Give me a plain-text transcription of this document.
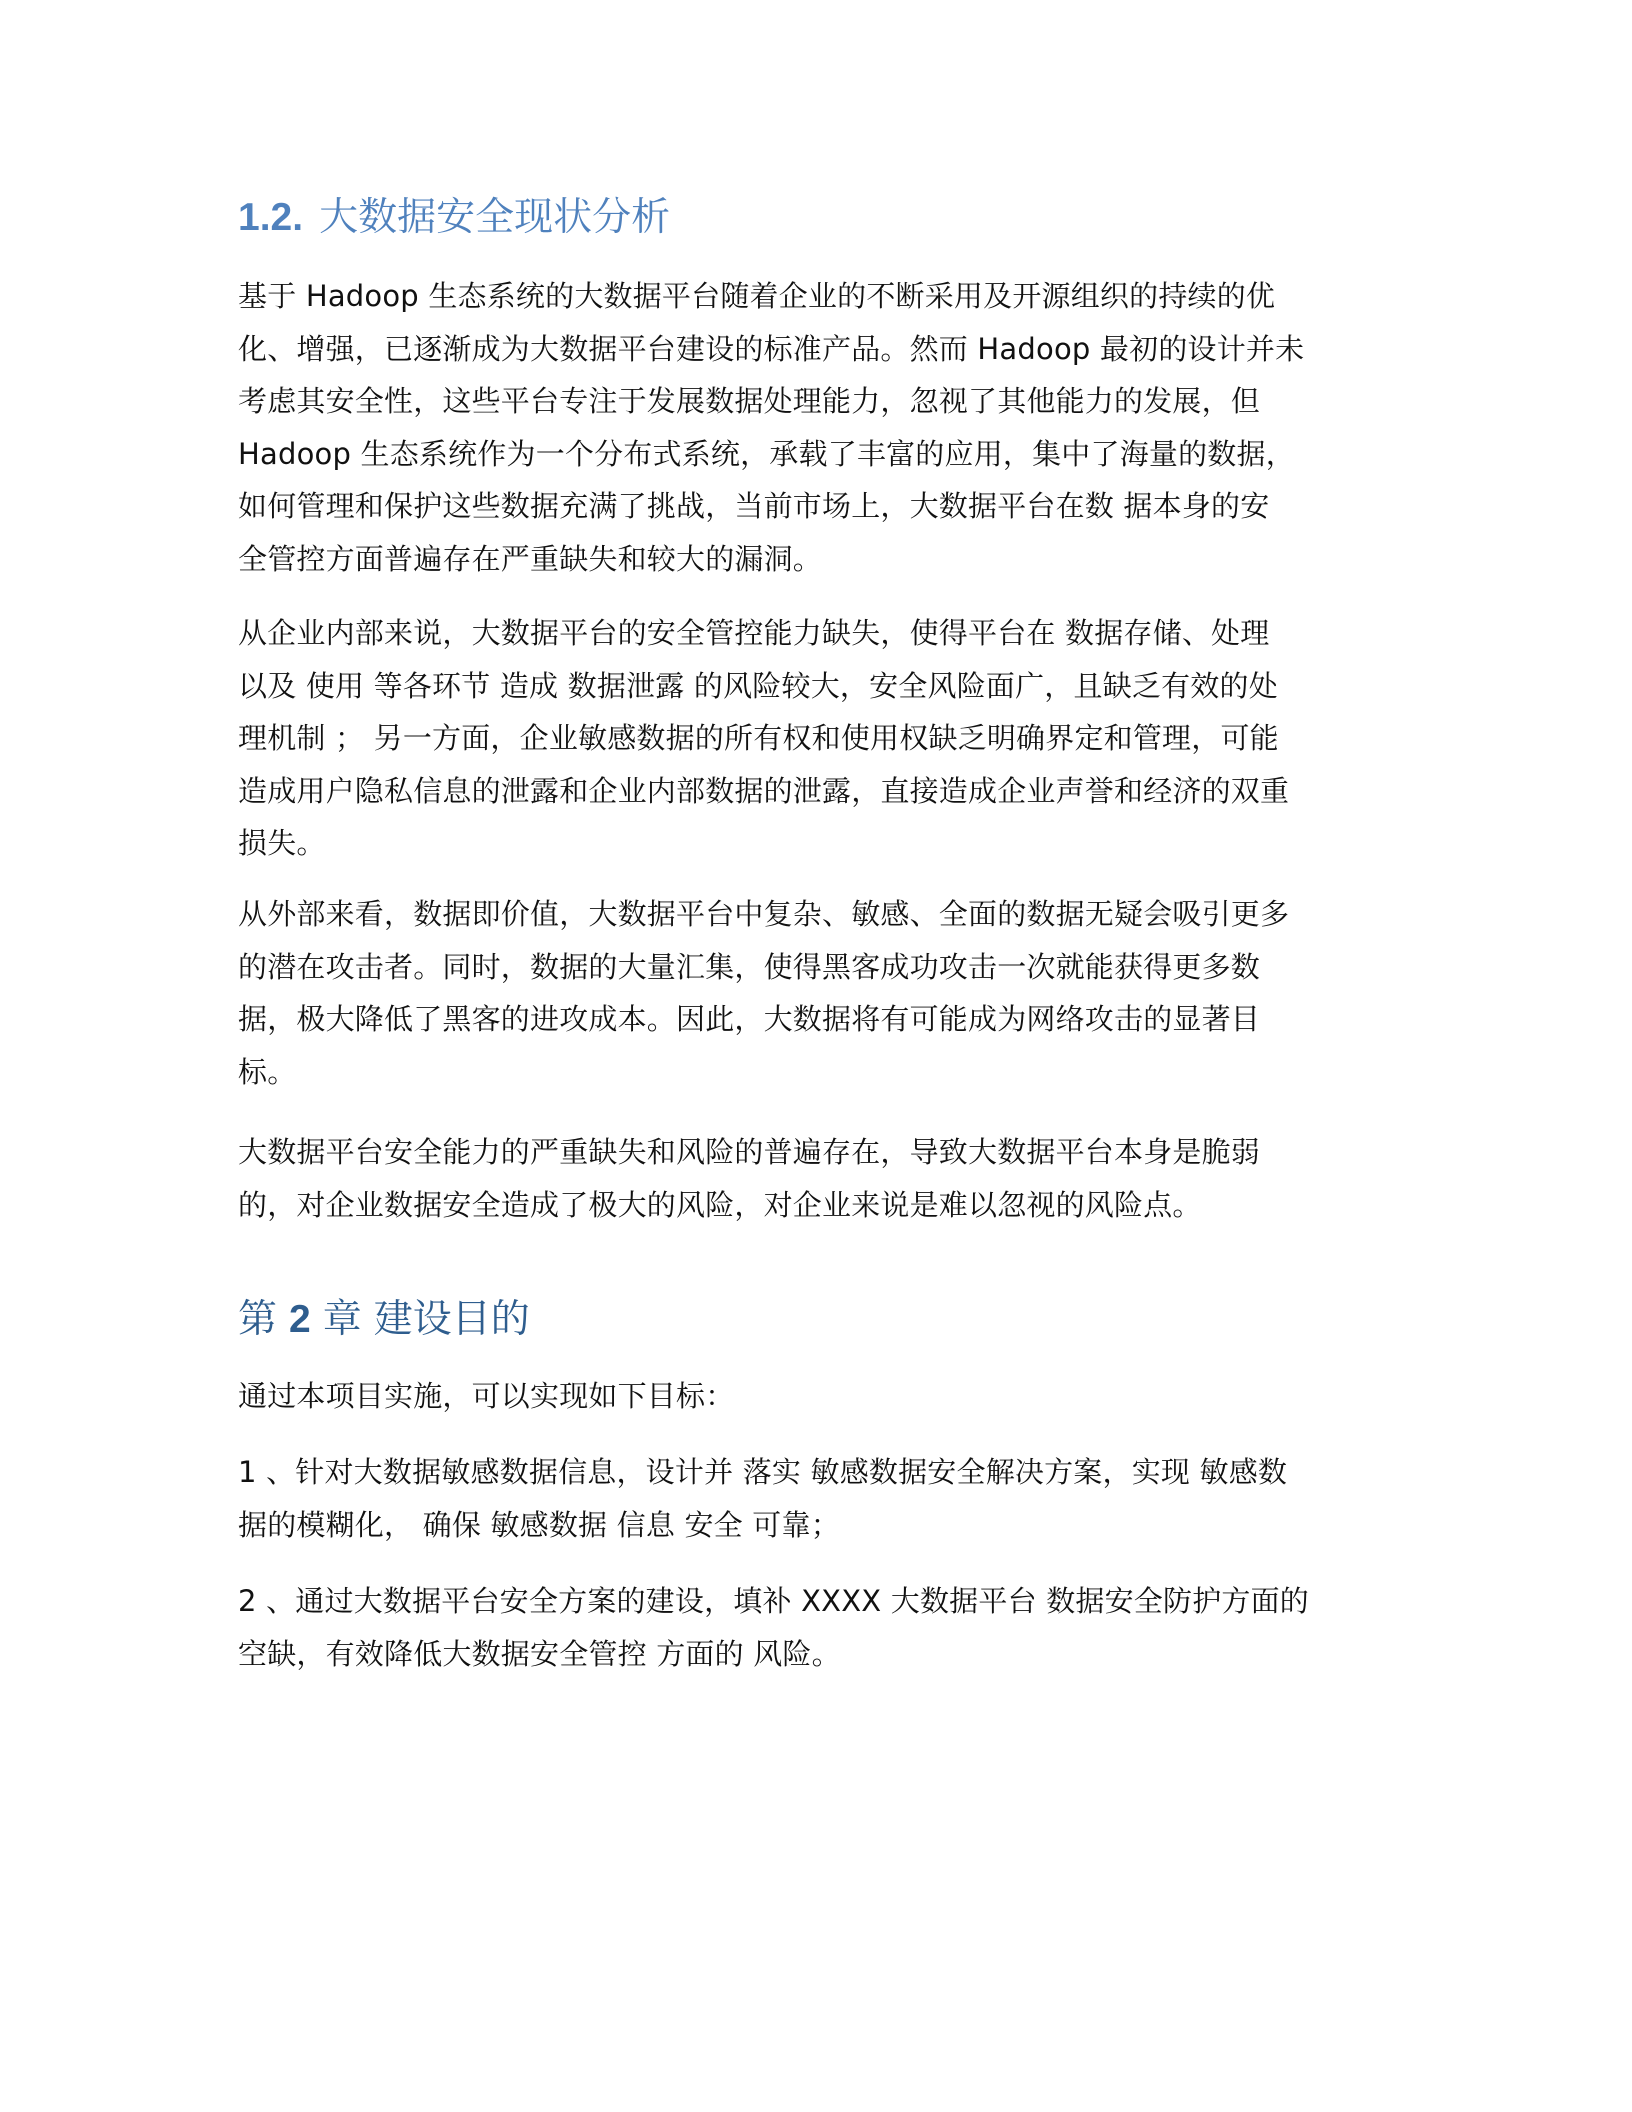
1.2. 大数据安全现状分析

基于 Hadoop 生态系统的大数据平台随着企业的不断采用及开源组织的持续的优
化、增强，已逐渐成为大数据平台建设的标准产品。然而 Hadoop 最初的设计并未
考虑其安全性，这些平台专注于发展数据处理能力，忽视了其他能力的发展，但
Hadoop 生态系统作为一个分布式系统，承载了丰富的应用，集中了海量的数据，
如何管理和保护这些数据充满了挑战，当前市场上，大数据平台在数 据本身的安
全管控方面普遍存在严重缺失和较大的漏洞。

从企业内部来说，大数据平台的安全管控能力缺失，使得平台在 数据存储、处理
以及 使用 等各环节 造成 数据泄露 的风险较大，安全风险面广，且缺乏有效的处
理机制 ； 另一方面，企业敏感数据的所有权和使用权缺乏明确界定和管理，可能
造成用户隐私信息的泄露和企业内部数据的泄露，直接造成企业声誉和经济的双重
损失。

从外部来看，数据即价值，大数据平台中复杂、敏感、全面的数据无疑会吸引更多
的潜在攻击者。同时，数据的大量汇集，使得黑客成功攻击一次就能获得更多数
据，极大降低了黑客的进攻成本。因此，大数据将有可能成为网络攻击的显著目
标。

大数据平台安全能力的严重缺失和风险的普遍存在，导致大数据平台本身是脆弱
的，对企业数据安全造成了极大的风险，对企业来说是难以忽视的风险点。

第 2 章 建设目的

通过本项目实施，可以实现如下目标：

1 、针对大数据敏感数据信息，设计并 落实 敏感数据安全解决方案，实现 敏感数
据的模糊化， 确保 敏感数据 信息 安全 可靠；

2 、通过大数据平台安全方案的建设，填补 XXXX 大数据平台 数据安全防护方面的
空缺，有效降低大数据安全管控 方面的 风险。
